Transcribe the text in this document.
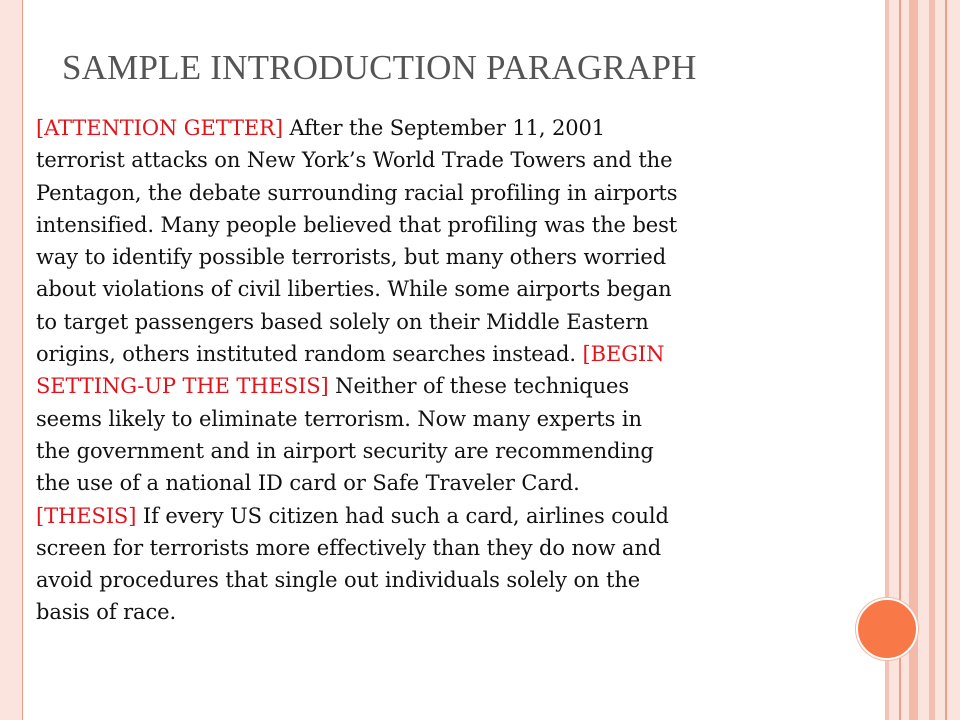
SAMPLE INTRODUCTION PARAGRAPH
[ATTENTION GETTER] After the September 11, 2001
terrorist attacks on New York’s World Trade Towers and the
Pentagon, the debate surrounding racial profiling in airports
intensified. Many people believed that profiling was the best
way to identify possible terrorists, but many others worried
about violations of civil liberties. While some airports began
to target passengers based solely on their Middle Eastern
origins, others instituted random searches instead. [BEGIN
SETTING-UP THE THESIS] Neither of these techniques
seems likely to eliminate terrorism. Now many experts in
the government and in airport security are recommending
the use of a national ID card or Safe Traveler Card.
[THESIS] If every US citizen had such a card, airlines could
screen for terrorists more effectively than they do now and
avoid procedures that single out individuals solely on the
basis of race.
